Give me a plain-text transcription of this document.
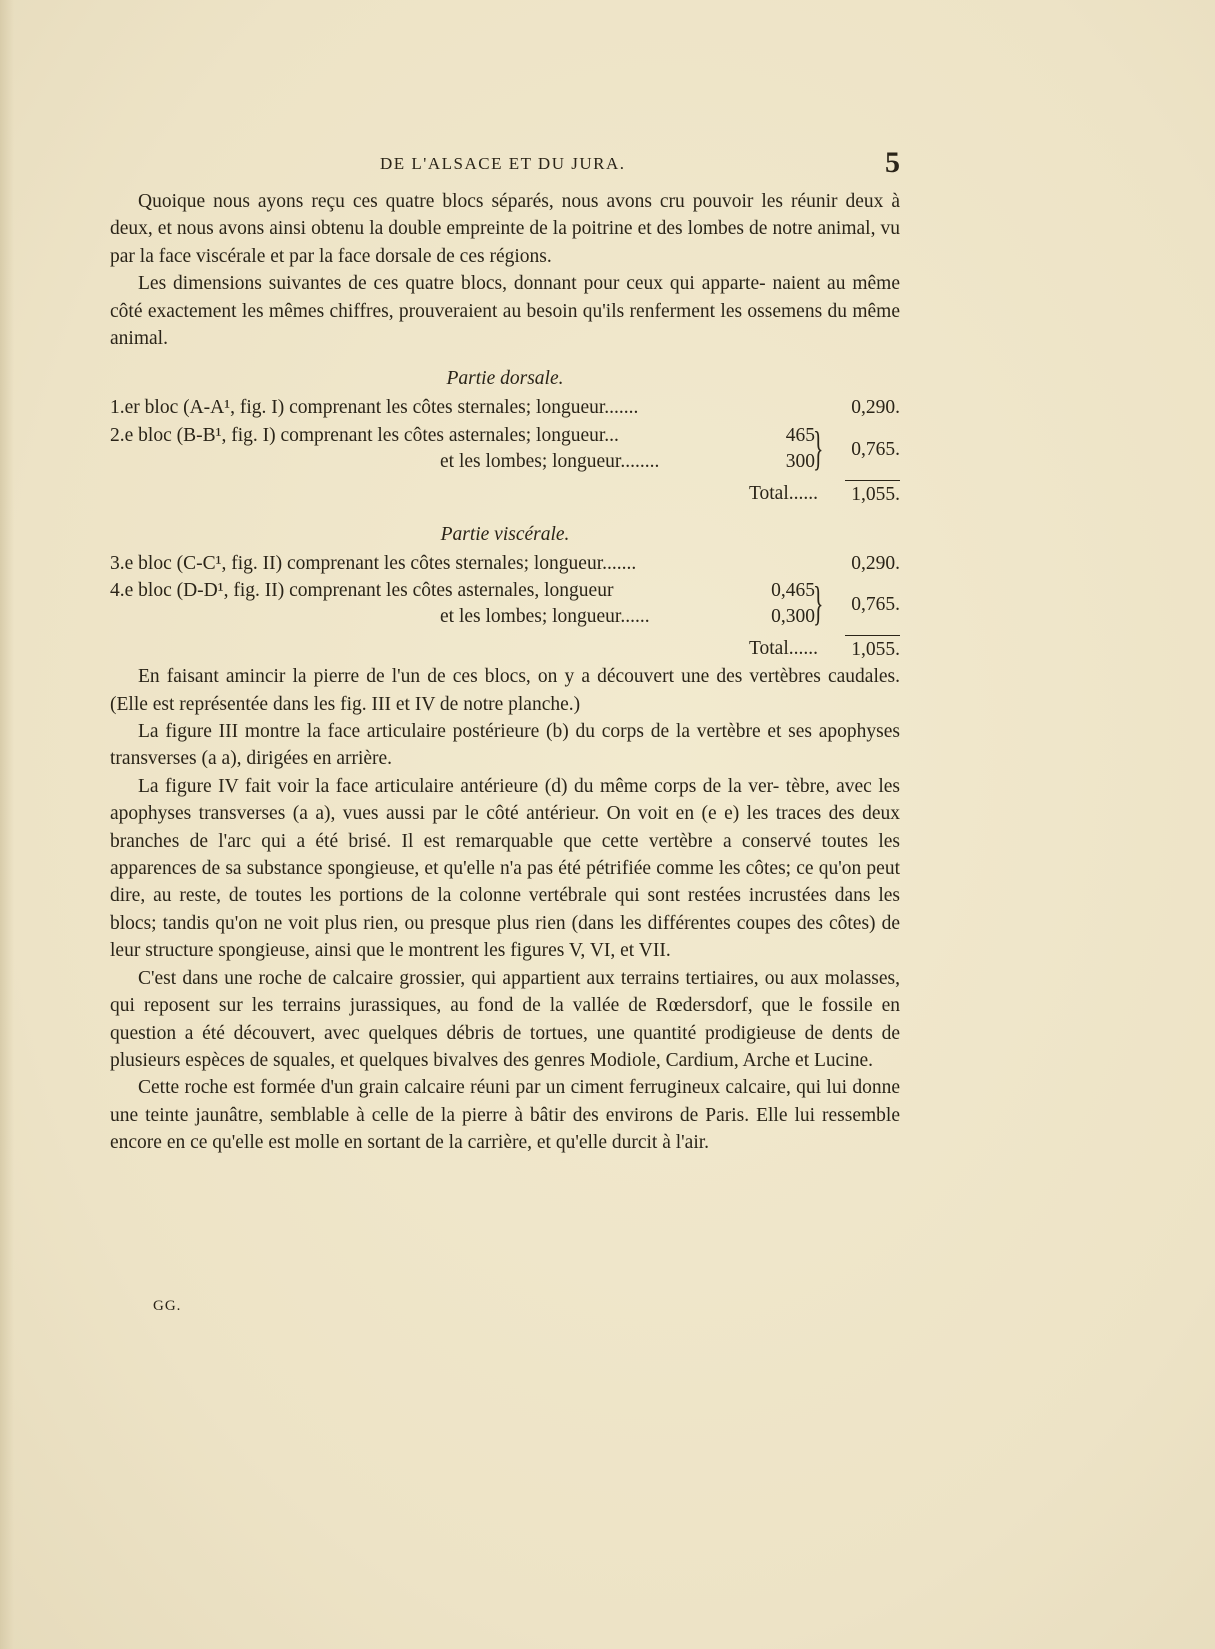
DE L'ALSACE ET DU JURA.	5

Quoique nous ayons reçu ces quatre blocs séparés, nous avons cru pouvoir les réunir deux à deux, et nous avons ainsi obtenu la double empreinte de la poitrine et des lombes de notre animal, vu par la face viscérale et par la face dorsale de ces régions.

Les dimensions suivantes de ces quatre blocs, donnant pour ceux qui apparte- naient au même côté exactement les mêmes chiffres, prouveraient au besoin qu'ils renferment les ossemens du même animal.

Partie dorsale.
1.er bloc (A-A¹, fig. I) comprenant les côtes sternales; longueur.......	0,290.
2.e bloc (B-B¹, fig. I) comprenant les côtes asternales; longueur...	465
et les lombes; longueur........	300
} 0,765.
Total......	1,055.
Partie viscérale.
3.e bloc (C-C¹, fig. II) comprenant les côtes sternales; longueur.......	0,290.
4.e bloc (D-D¹, fig. II) comprenant les côtes asternales, longueur	0,465
et les lombes; longueur......	0,300
} 0,765.
Total......	1,055.

En faisant amincir la pierre de l'un de ces blocs, on y a découvert une des vertèbres caudales. (Elle est représentée dans les fig. III et IV de notre planche.)

La figure III montre la face articulaire postérieure (b) du corps de la vertèbre et ses apophyses transverses (a a), dirigées en arrière.

La figure IV fait voir la face articulaire antérieure (d) du même corps de la ver- tèbre, avec les apophyses transverses (a a), vues aussi par le côté antérieur. On voit en (e e) les traces des deux branches de l'arc qui a été brisé. Il est remarquable que cette vertèbre a conservé toutes les apparences de sa substance spongieuse, et qu'elle n'a pas été pétrifiée comme les côtes; ce qu'on peut dire, au reste, de toutes les portions de la colonne vertébrale qui sont restées incrustées dans les blocs; tandis qu'on ne voit plus rien, ou presque plus rien (dans les différentes coupes des côtes) de leur structure spongieuse, ainsi que le montrent les figures V, VI, et VII.

C'est dans une roche de calcaire grossier, qui appartient aux terrains tertiaires, ou aux molasses, qui reposent sur les terrains jurassiques, au fond de la vallée de Rœdersdorf, que le fossile en question a été découvert, avec quelques débris de tortues, une quantité prodigieuse de dents de plusieurs espèces de squales, et quelques bivalves des genres Modiole, Cardium, Arche et Lucine.

Cette roche est formée d'un grain calcaire réuni par un ciment ferrugineux calcaire, qui lui donne une teinte jaunâtre, semblable à celle de la pierre à bâtir des environs de Paris. Elle lui ressemble encore en ce qu'elle est molle en sortant de la carrière, et qu'elle durcit à l'air.

GG.
